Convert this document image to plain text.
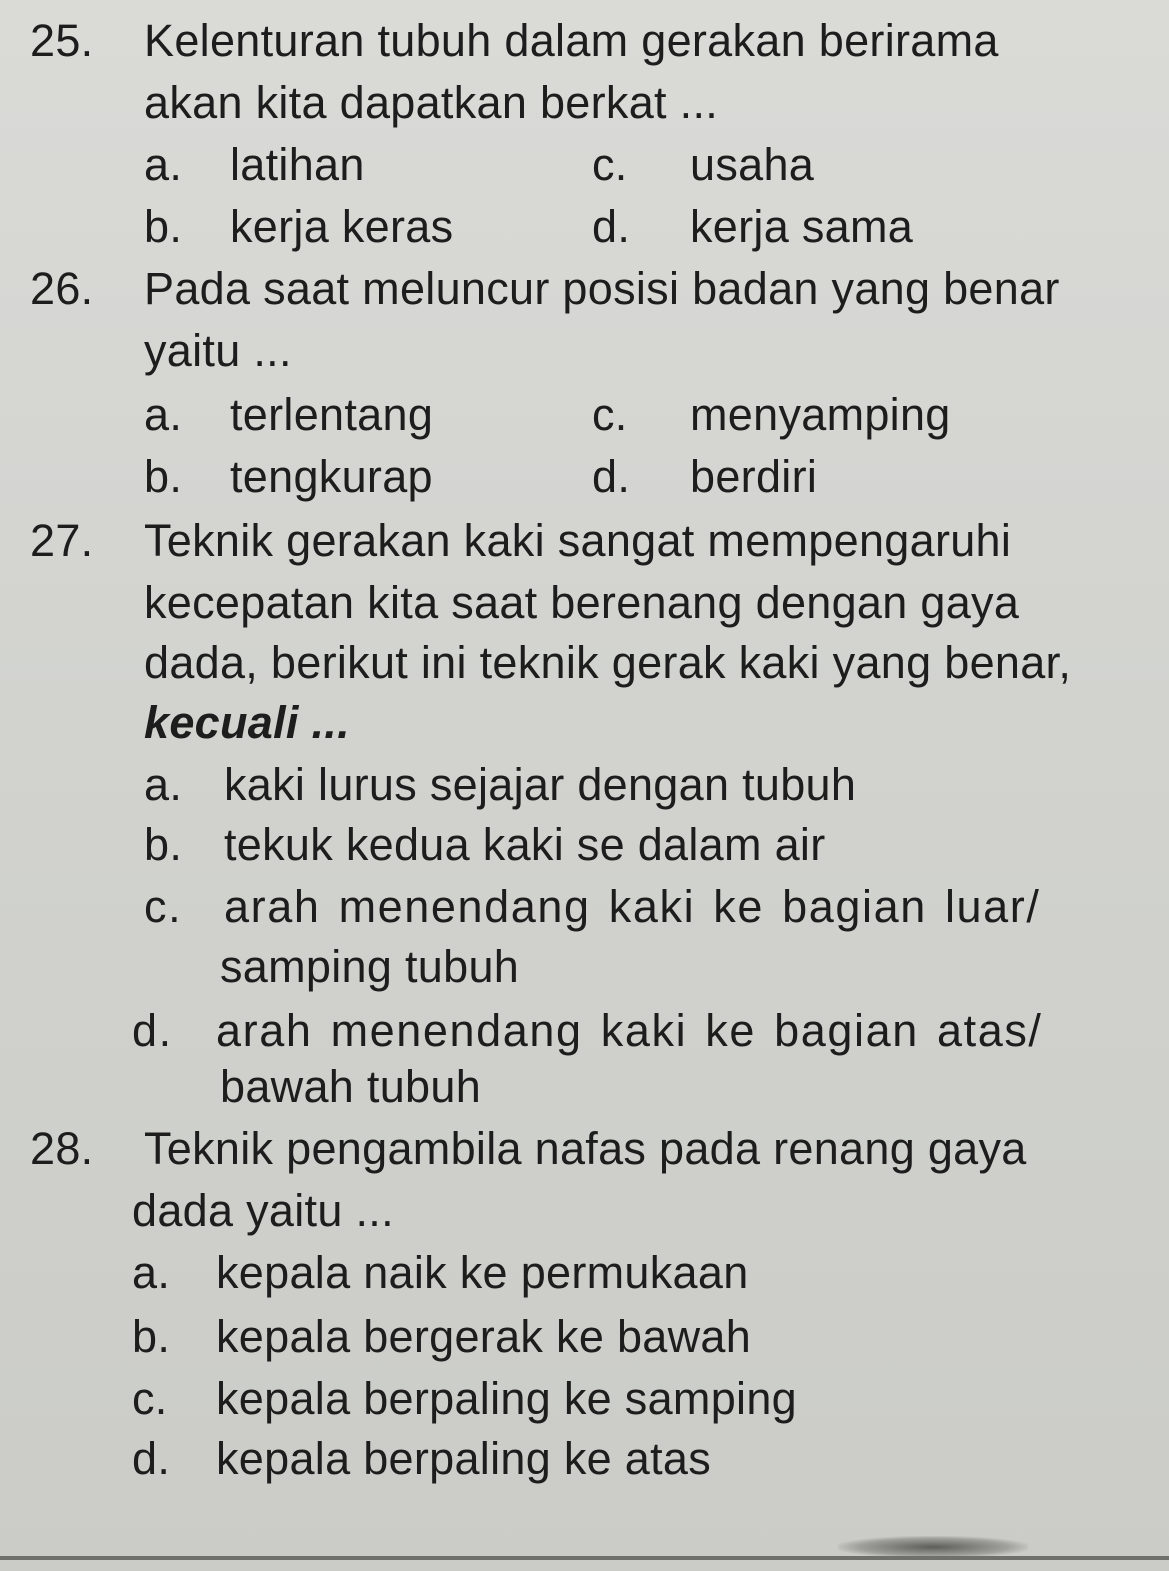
25. Kelenturan tubuh dalam gerakan berirama

akan kita dapatkan berkat ...

a. latihan	c. usaha

b. kerja keras	d. kerja sama

26. Pada saat meluncur posisi badan yang benar

yaitu ...

a. terlentang	c. menyamping

b. tengkurap	d. berdiri

27. Teknik gerakan kaki sangat mempengaruhi

kecepatan kita saat berenang dengan gaya

dada, berikut ini teknik gerak kaki yang benar,

kecuali ...

a. kaki lurus sejajar dengan tubuh

b. tekuk kedua kaki se dalam air

c. arah menendang kaki ke bagian luar/

samping tubuh

d. arah menendang kaki ke bagian atas/

bawah tubuh

28. Teknik pengambila nafas pada renang gaya

dada yaitu ...

a. kepala naik ke permukaan

b. kepala bergerak ke bawah

c. kepala berpaling ke samping

d. kepala berpaling ke atas
